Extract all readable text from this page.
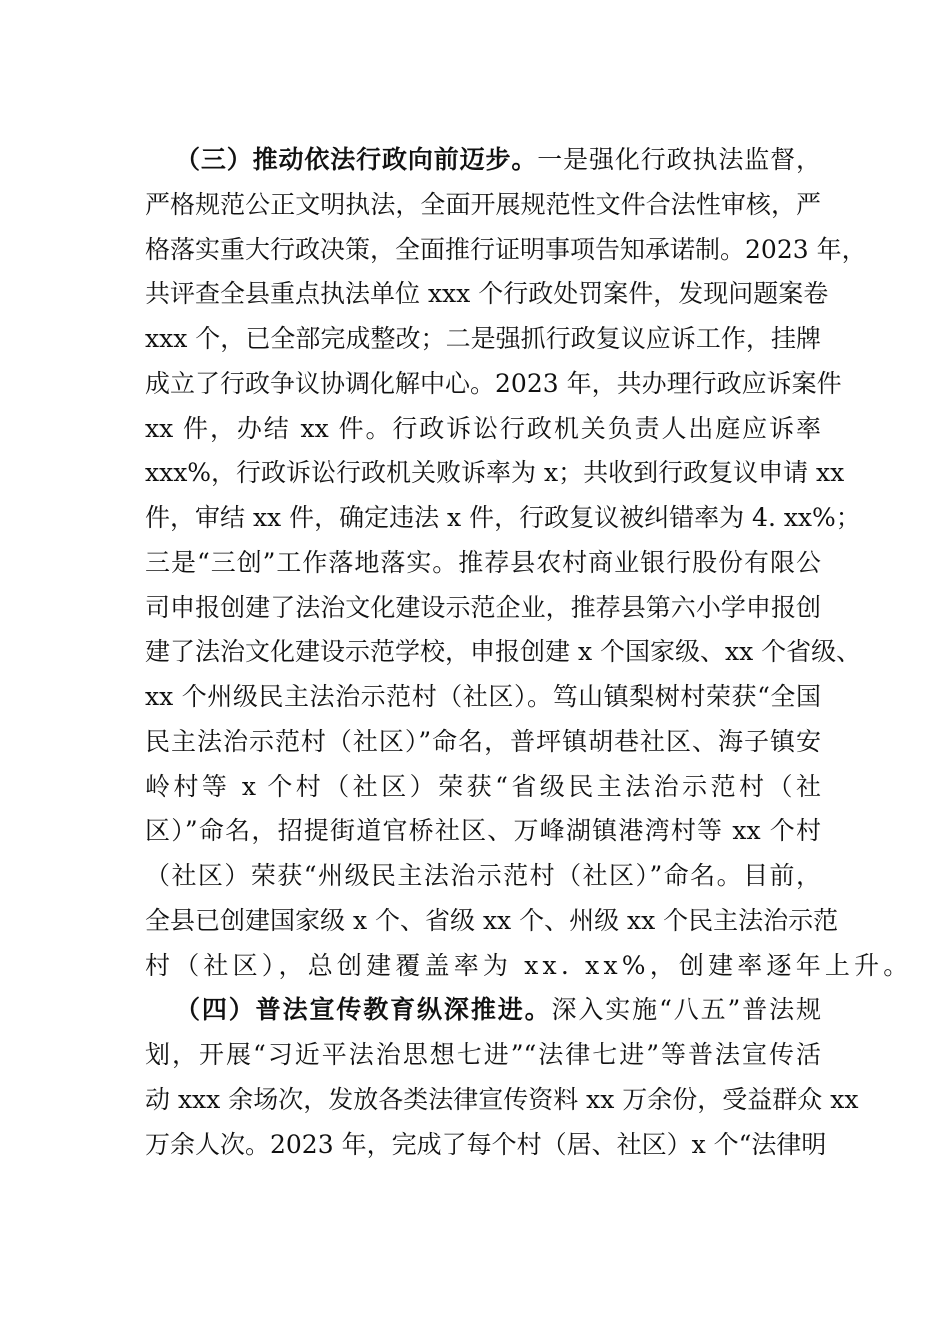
（三）推动依法行政向前迈步。一是强化行政执法监督，
严格规范公正文明执法，全面开展规范性文件合法性审核，严
格落实重大行政决策，全面推行证明事项告知承诺制。2023 年，
共评查全县重点执法单位 xxx 个行政处罚案件，发现问题案卷
xxx 个，已全部完成整改；二是强抓行政复议应诉工作，挂牌
成立了行政争议协调化解中心。2023 年，共办理行政应诉案件
xx 件，办结 xx 件。行政诉讼行政机关负责人出庭应诉率
xxx%，行政诉讼行政机关败诉率为 x；共收到行政复议申请 xx
件，审结 xx 件，确定违法 x 件，行政复议被纠错率为 4. xx%；
三是“三创”工作落地落实。推荐县农村商业银行股份有限公
司申报创建了法治文化建设示范企业，推荐县第六小学申报创
建了法治文化建设示范学校，申报创建 x 个国家级、xx 个省级、
xx 个州级民主法治示范村（社区）。笃山镇梨树村荣获“全国
民主法治示范村（社区）”命名，普坪镇胡巷社区、海子镇安
岭村等 x 个村（社区）荣获“省级民主法治示范村（社
区）”命名，招提街道官桥社区、万峰湖镇港湾村等 xx 个村
（社区）荣获“州级民主法治示范村（社区）”命名。目前，
全县已创建国家级 x 个、省级 xx 个、州级 xx 个民主法治示范
村（社区），总创建覆盖率为 xx. xx%，创建率逐年上升。
（四）普法宣传教育纵深推进。深入实施“八五”普法规
划，开展“习近平法治思想七进”“法律七进”等普法宣传活
动 xxx 余场次，发放各类法律宣传资料 xx 万余份，受益群众 xx
万余人次。2023 年，完成了每个村（居、社区）x 个“法律明
